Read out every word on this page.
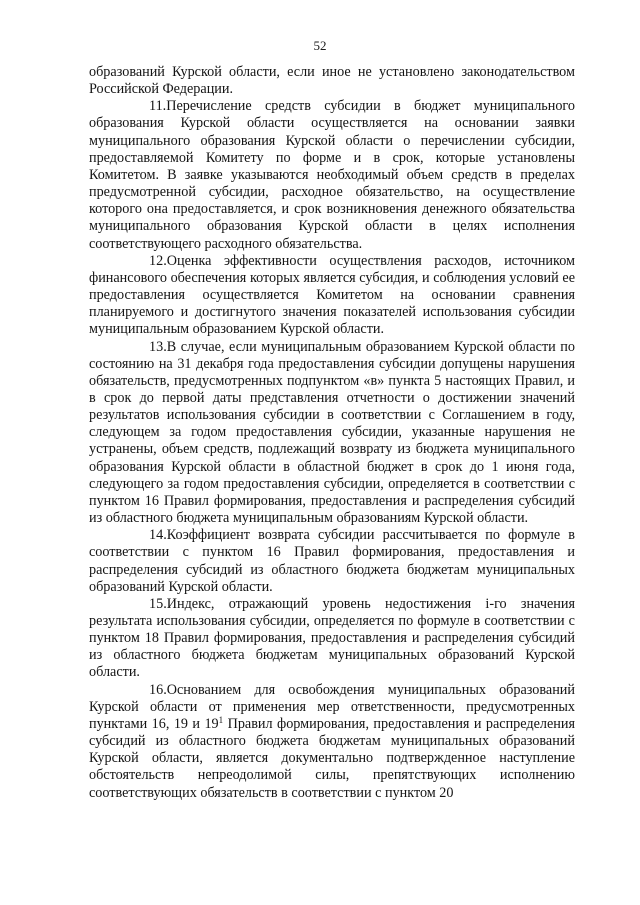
52

образований Курской области, если иное не установлено законодательством Российской Федерации.

11.Перечисление средств субсидии в бюджет муниципального образования Курской области осуществляется на основании заявки муниципального образования Курской области о перечислении субсидии, предоставляемой Комитету по форме и в срок, которые установлены Комитетом. В заявке указываются необходимый объем средств в пределах предусмотренной субсидии, расходное обязательство, на осуществление которого она предоставляется, и срок возникновения денежного обязательства муниципального образования Курской области в целях исполнения соответствующего расходного обязательства.

12.Оценка эффективности осуществления расходов, источником финансового обеспечения которых является субсидия, и соблюдения условий ее предоставления осуществляется Комитетом на основании сравнения планируемого и достигнутого значения показателей использования субсидии муниципальным образованием Курской области.

13.В случае, если муниципальным образованием Курской области по состоянию на 31 декабря года предоставления субсидии допущены нарушения обязательств, предусмотренных подпунктом «в» пункта 5 настоящих Правил, и в срок до первой даты представления отчетности о достижении значений результатов использования субсидии в соответствии с Соглашением в году, следующем за годом предоставления субсидии, указанные нарушения не устранены, объем средств, подлежащий возврату из бюджета муниципального образования Курской области в областной бюджет в срок до 1 июня года, следующего за годом предоставления субсидии, определяется в соответствии с пунктом 16 Правил формирования, предоставления и распределения субсидий из областного бюджета муниципальным образованиям Курской области.

14.Коэффициент возврата субсидии рассчитывается по формуле в соответствии с пунктом 16 Правил формирования, предоставления и распределения субсидий из областного бюджета бюджетам муниципальных образований Курской области.

15.Индекс, отражающий уровень недостижения i-го значения результата использования субсидии, определяется по формуле в соответствии с пунктом 18 Правил формирования, предоставления и распределения субсидий из областного бюджета бюджетам муниципальных образований Курской области.

16.Основанием для освобождения муниципальных образований Курской области от применения мер ответственности, предусмотренных пунктами 16, 19 и $19^1$ Правил формирования, предоставления и распределения субсидий из областного бюджета бюджетам муниципальных образований Курской области, является документально подтвержденное наступление обстоятельств непреодолимой силы, препятствующих исполнению соответствующих обязательств в соответствии с пунктом 20
